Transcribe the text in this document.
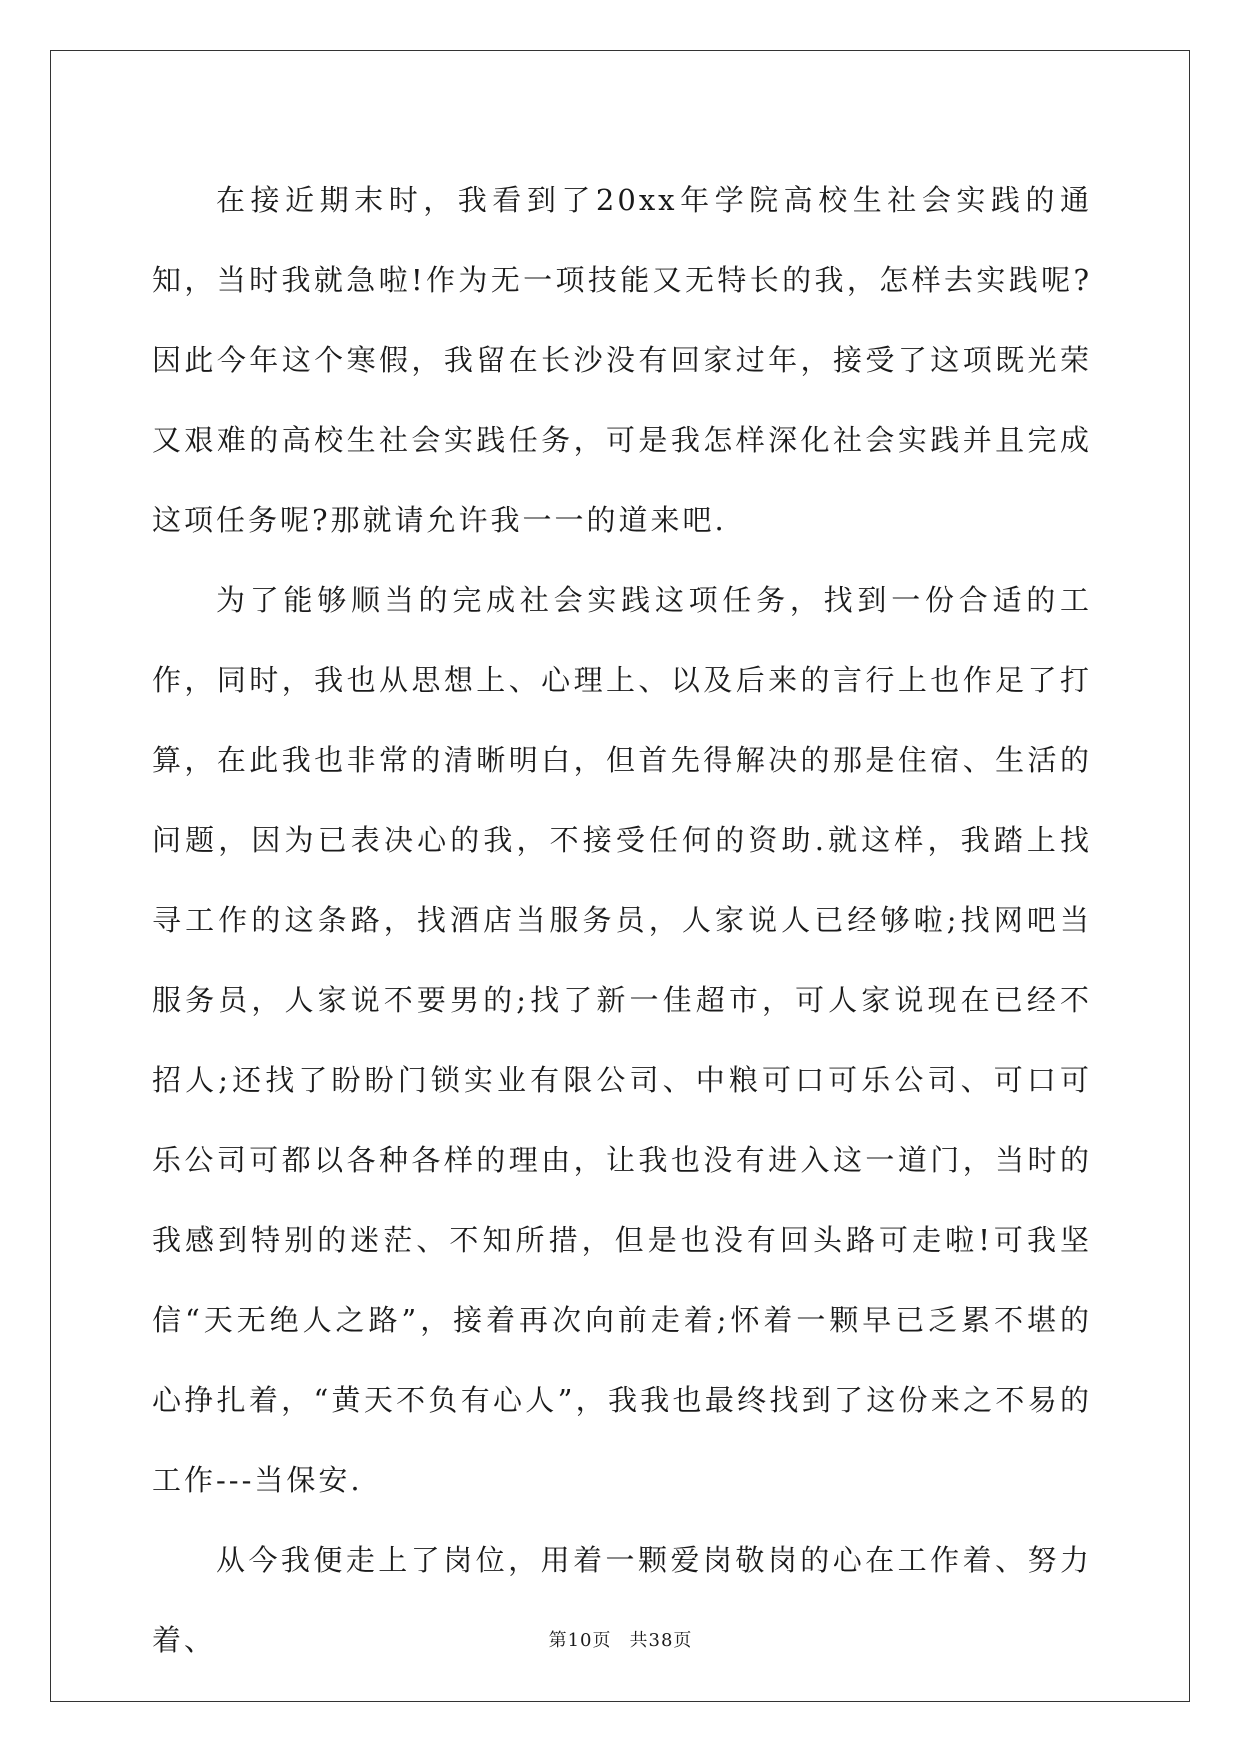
在接近期末时，我看到了20xx年学院高校生社会实践的通知，当时我就急啦!作为无一项技能又无特长的我，怎样去实践呢?因此今年这个寒假，我留在长沙没有回家过年，接受了这项既光荣又艰难的高校生社会实践任务，可是我怎样深化社会实践并且完成这项任务呢?那就请允许我一一的道来吧.

为了能够顺当的完成社会实践这项任务，找到一份合适的工作，同时，我也从思想上、心理上、以及后来的言行上也作足了打算，在此我也非常的清晰明白，但首先得解决的那是住宿、生活的问题，因为已表决心的我，不接受任何的资助.就这样，我踏上找寻工作的这条路，找酒店当服务员，人家说人已经够啦;找网吧当服务员，人家说不要男的;找了新一佳超市，可人家说现在已经不招人;还找了盼盼门锁实业有限公司、中粮可口可乐公司、可口可乐公司可都以各种各样的理由，让我也没有进入这一道门，当时的我感到特别的迷茫、不知所措，但是也没有回头路可走啦!可我坚信“天无绝人之路”，接着再次向前走着;怀着一颗早已乏累不堪的心挣扎着，“黄天不负有心人”，我我也最终找到了这份来之不易的工作---当保安.

从今我便走上了岗位，用着一颗爱岗敬岗的心在工作着、努力着、	第10页 共38页
